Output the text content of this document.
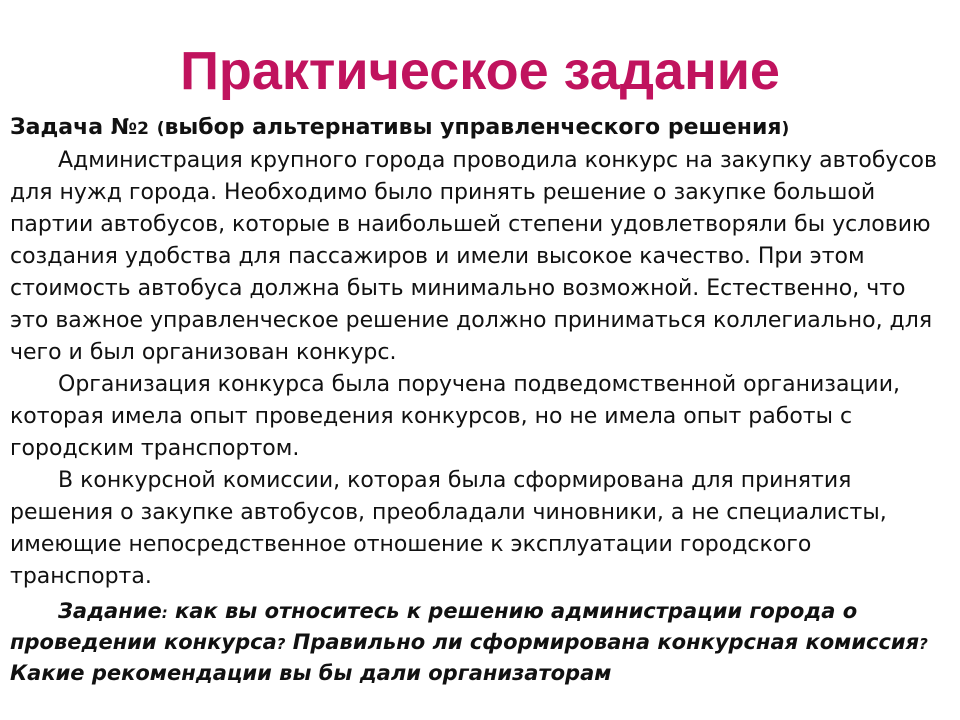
Практическое задание
Задача №2 (выбор альтернативы управленческого решения)

Администрация крупного города проводила конкурс на закупку автобусов для нужд города. Необходимо было принять решение о закупке большой партии автобусов, которые в наибольшей степени удовлетворяли бы условию создания удобства для пассажиров и имели высокое качество. При этом стоимость автобуса должна быть минимально возможной. Естественно, что это важное управленческое решение должно приниматься коллегиально, для чего и был организован конкурс.

Организация конкурса была поручена подведомственной организации, которая имела опыт проведения конкурсов, но не имела опыт работы с городским транспортом.

В конкурсной комиссии, которая была сформирована для принятия решения о закупке автобусов, преобладали чиновники, а не специалисты, имеющие непосредственное отношение к эксплуатации городского транспорта.

Задание: как вы относитесь к решению администрации города о проведении конкурса? Правильно ли сформирована конкурсная комиссия? Какие рекомендации вы бы дали организаторам
